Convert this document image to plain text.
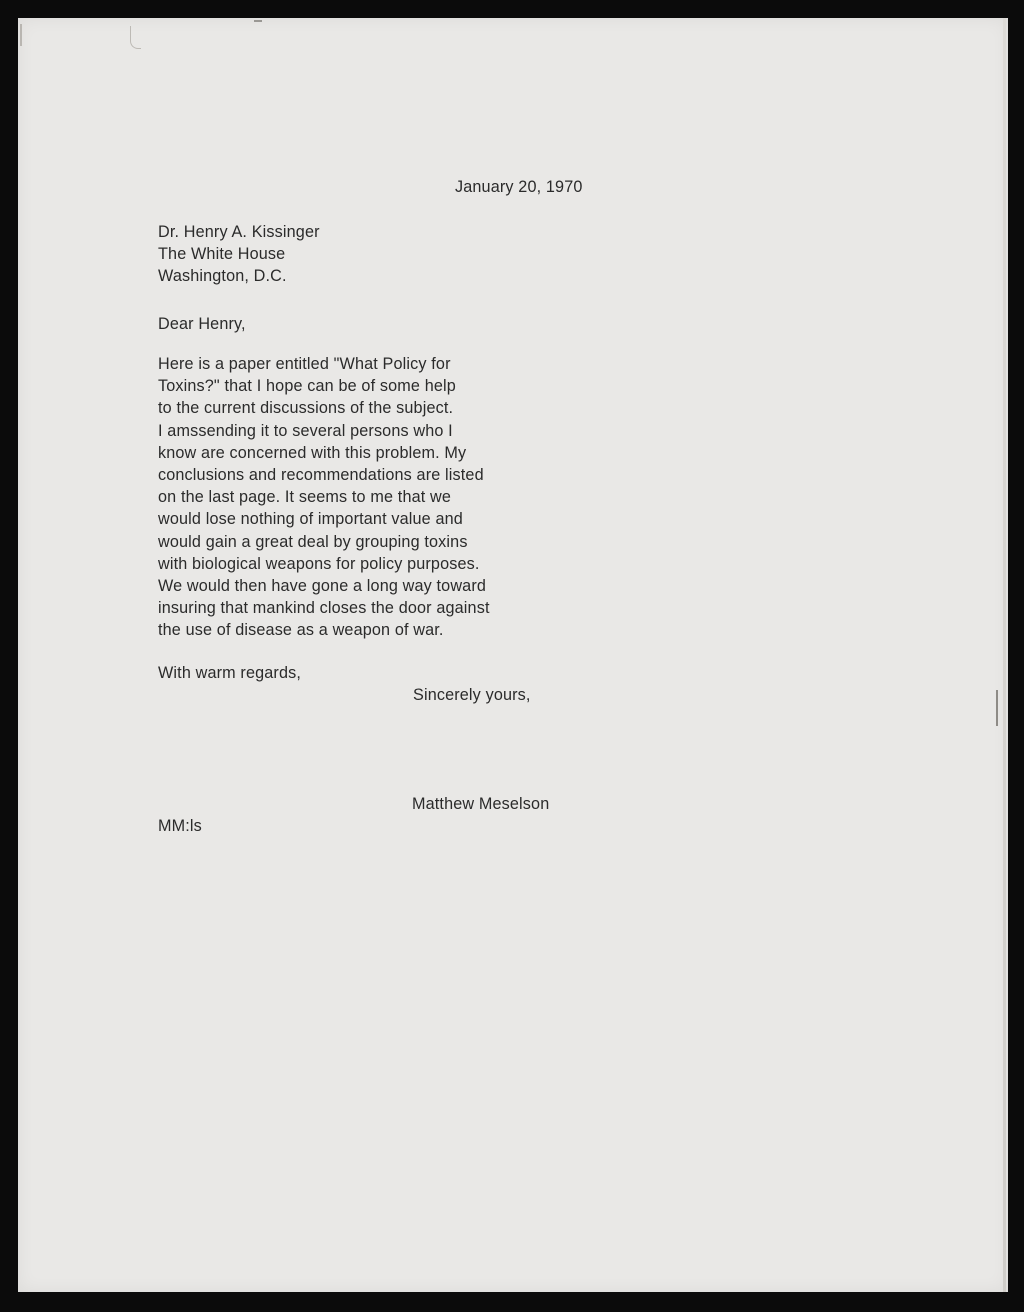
January 20, 1970

Dr. Henry A. Kissinger
The White House
Washington, D.C.

Dear Henry,

Here is a paper entitled "What Policy for
Toxins?" that I hope can be of some help
to the current discussions of the subject.
I amssending it to several persons who I
know are concerned with this problem. My
conclusions and recommendations are listed
on the last page. It seems to me that we
would lose nothing of important value and
would gain a great deal by grouping toxins
with biological weapons for policy purposes.
We would then have gone a long way toward
insuring that mankind closes the door against
the use of disease as a weapon of war.

With warm regards,

Sincerely yours,

Matthew Meselson

MM:ls
